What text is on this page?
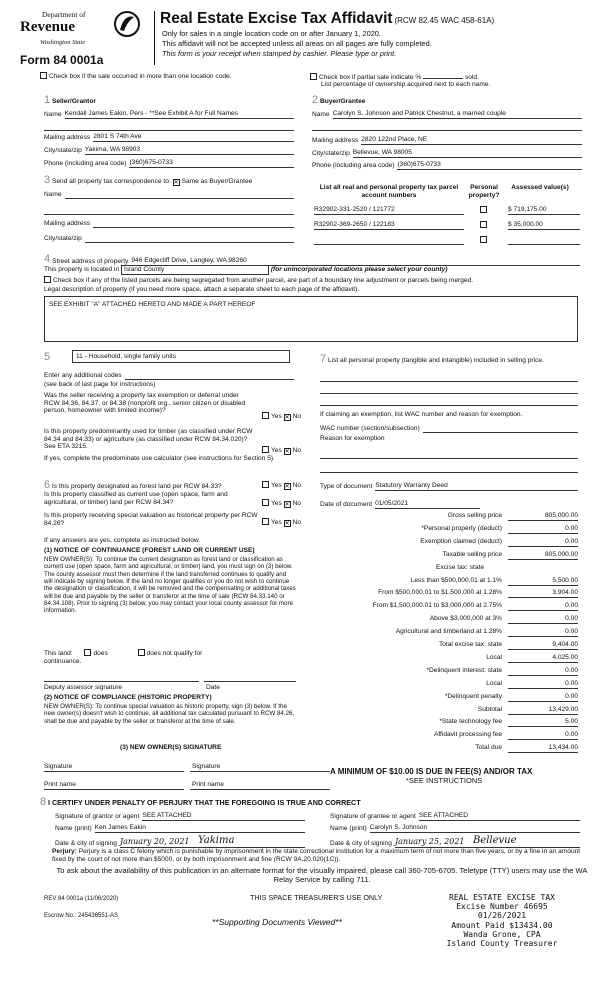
Department of
Revenue
Washington State
Form 84 0001a
Real Estate Excise Tax Affidavit (RCW 82.45 WAC 458-61A)
Only for sales in a single location code on or after January 1, 2020.
This affidavit will not be accepted unless all areas on all pages are fully completed.
This form is your receipt when stamped by cashier. Please type or print.
Check box if the sale occurred in more than one location code.	Check box if partial sale indicate %	sold.
List percentage of ownership acquired next to each name.
1 Seller/Grantor
Name Kendall James Eakin, Pers - **See Exhibit A for Full Names
Mailing address 2801 S 74th Ave
City/state/zip Yakima, WA 98903
Phone (including area code) (360)675-0733
2 Buyer/Grantee
Name Carolyn S. Johnson and Patrick Chestnut, a married couple
Mailing address 2820 122nd Place, NE
City/state/zip Bellevue, WA 98005
Phone (including area code) (360)675-0733
3 Send all property tax correspondence to: ✕ Same as Buyer/Grantee
Name
Mailing address
City/state/zip
List all real and personal property tax parcel account numbers
Personal property?
Assessed value(s)
R32902-331-2520 / 121772	$ 719,175.00
R32902-369-2650 / 122183	$ 35,000.00
4 Street address of property 946 Edgecliff Drive, Langley, WA 98260
This property is located in Island County	(for unincorporated locations please select your county)
Check box if any of the listed parcels are being segregated from another parcel, are part of a boundary line adjustment or parcels being merged.
Legal description of property (if you need more space, attach a separate sheet to each page of the affidavit).
SEE EXHIBIT "A" ATTACHED HERETO AND MADE A PART HEREOF
5	11 - Household, single family units
Enter any additional codes
(see back of last page for instructions)
Was the seller receiving a property tax exemption or deferral under RCW 84.36, 84.37, or 84.38 (nonprofit org., senior citizen or disabled person, homeowner with limited income)?
Yes ✕ No
Is this property predominantly used for timber (as classified under RCW 84.34 and 84.33) or agriculture (as classified under RCW 84.34.020)? See ETA 3215.
Yes ✕ No
If yes, complete the predominate use calculator (see instructions for Section 5).
6 Is this property designated as forest land per RCW 84.33?	Yes ✕ No
Is this property classified as current use (open space, farm and agricultural, or timber) land per RCW 84.34?	Yes ✕ No
Is this property receiving special valuation as historical property per RCW 84.26?	Yes ✕ No
If any answers are yes, complete as instructed below.
(1) NOTICE OF CONTINUANCE (FOREST LAND OR CURRENT USE)
NEW OWNER(S): To continue the current designation as forest land or classification as current use (open space, farm and agricultural, or timber) land, you must sign on (3) below. The county assessor must then determine if the land transferred continues to qualify and will indicate by signing below. If the land no longer qualifies or you do not wish to continue the designation or classification, it will be removed and the compensating or additional taxes will be due and payable by the seller or transferor at the time of sale (RCW 84.33.140 or 84.34.108). Prior to signing (3) below, you may contact your local county assessor for more information.
This land:	does	does not qualify for
continuance.
Deputy assessor signature	Date
(2) NOTICE OF COMPLIANCE (HISTORIC PROPERTY)
NEW OWNER(S): To continue special valuation as historic property, sign (3) below. If the new owner(s) doesn't wish to continue, all additional tax calculated pursuant to RCW 84.26, shall be due and payable by the seller or transferor at the time of sale.
(3) NEW OWNER(S) SIGNATURE
Signature	Signature
Print name	Print name
7 List all personal property (tangible and intangible) included in selling price.
If claiming an exemption, list WAC number and reason for exemption.
WAC number (section/subsection)
Reason for exemption
Type of document Statutory Warranty Deed
Date of document 01/05/2021
Gross selling price	805,000.00
*Personal property (deduct)	0.00
Exemption claimed (deduct)	0.00
Taxable selling price	805,000.00
Excise tax: state
Less than $500,000.01 at 1.1%	5,500.00
From $500,000.01 to $1,500,000 at 1.28%	3,904.00
From $1,500,000.01 to $3,000,000 at 2.75%	0.00
Above $3,000,000 at 3%	0.00
Agricultural and timberland at 1.28%	0.00
Total excise tax: state	9,404.00
Local	4,025.00
*Delinquent interest: state	0.00
Local	0.00
*Delinquent penalty	0.00
Subtotal	13,429.00
*State technology fee	5.00
Affidavit processing fee	0.00
Total due	13,434.00
A MINIMUM OF $10.00 IS DUE IN FEE(S) AND/OR TAX
*SEE INSTRUCTIONS
8 I CERTIFY UNDER PENALTY OF PERJURY THAT THE FOREGOING IS TRUE AND CORRECT
Signature of grantor or agent SEE ATTACHED
Name (print) Ken James Eakin
Date & city of signing January 20, 2021 Yakima
Signature of grantee or agent SEE ATTACHED
Name (print) Carolyn S. Johnson
Date & city of signing January 25, 2021 Bellevue
Perjury: Perjury is a class C felony which is punishable by imprisonment in the state correctional institution for a maximum term of not more than five years, or by a fine in an amount fixed by the court of not more than $5000, or by both imprisonment and fine (RCW 9A.20.020(1C)).
To ask about the availability of this publication in an alternate format for the visually impaired, please call 360-705-6705. Teletype (TTY) users may use the WA Relay Service by calling 711.
REV 84 0001a (11/06/2020)	THIS SPACE TREASURER'S USE ONLY
Escrow No.: 245436551-AS
**Supporting Documents Viewed**
REAL ESTATE EXCISE TAX
Excise Number 46695
01/26/2021
Amount Paid $13434.00
Wanda Grone, CPA
Island County Treasurer
